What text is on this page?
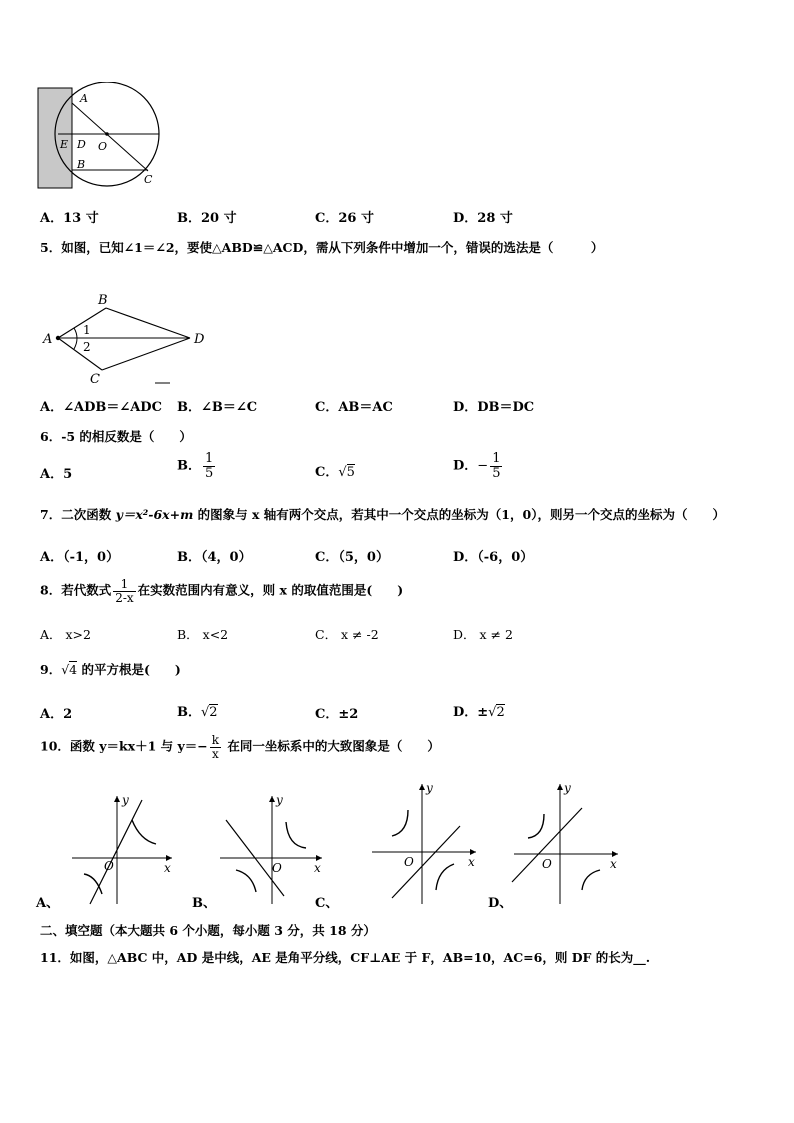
A
E D O
B
C
A．13 寸	B．20 寸	C．26 寸	D．28 寸
5．如图，已知∠1＝∠2，要使△ABD≌△ACD，需从下列条件中增加一个，错误的选法是（　　　）
A
B
C
D
1
2
A．∠ADB＝∠ADC B．∠B＝∠C	C．AB＝AC	D．DB＝DC
6．-5 的相反数是（　　）
A．5
B． $\frac{1}{5}$	C．√5	D．− $\frac{1}{5}$
7．二次函数 y＝x²-6x+m 的图象与 x 轴有两个交点，若其中一个交点的坐标为（1，0），则另一个交点的坐标为（　　）
A．（-1，0）	B．（4，0）	C．（5，0）	D．（-6，0）
8．若代数式 $\frac{1}{2-x}$ 在实数范围内有意义，则 x 的取值范围是(　　)
A． x>2	B． x<2	C． x ≠ -2	D． x ≠ 2
9．√4 的平方根是(　　)
A．2	B．√2	C．±2	D．±√2
10．函数 y＝kx＋1 与 $y=- \frac{k}{x}$ 在同一坐标系中的大致图象是（　　）
y
x
O
A、
y
x
O
B、
y
x
O
C、
y
x
O
D、
二、填空题（本大题共 6 个小题，每小题 3 分，共 18 分）
11．如图，△ABC 中，AD 是中线，AE 是角平分线，CF⊥AE 于 F，AB=10，AC=6，则 DF 的长为__.
